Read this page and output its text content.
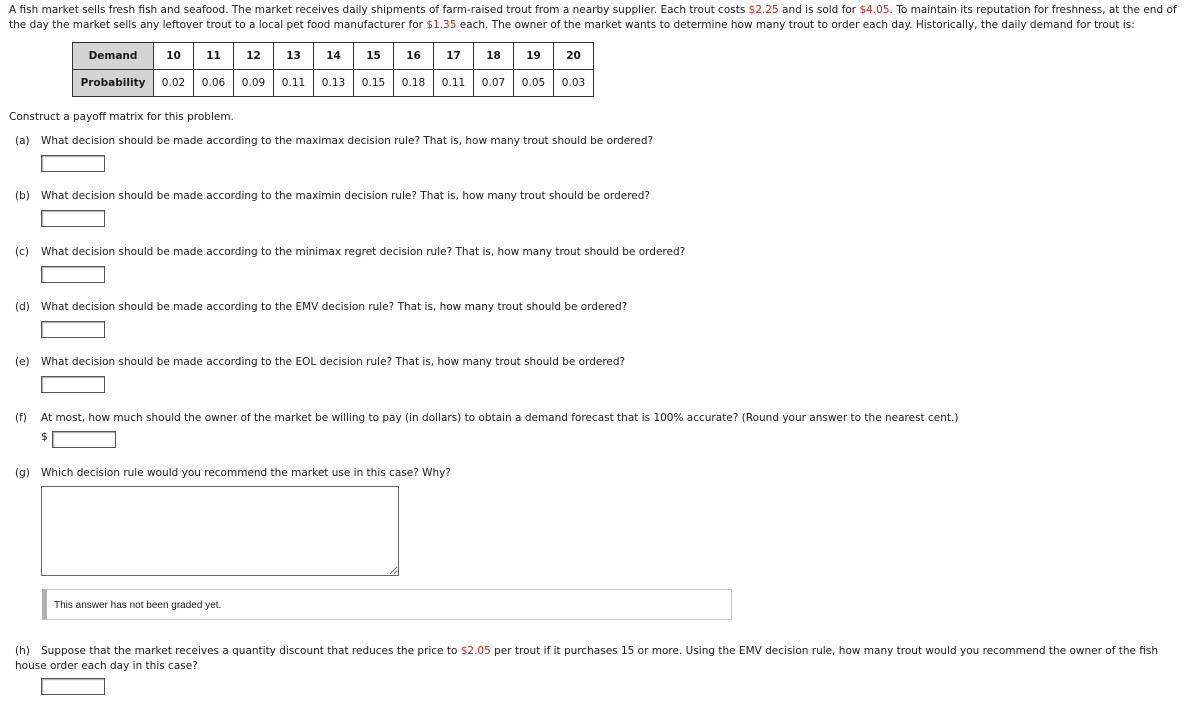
A fish market sells fresh fish and seafood. The market receives daily shipments of farm-raised trout from a nearby supplier. Each trout costs $2.25 and is sold for $4.05. To maintain its reputation for freshness, at the end of the day the market sells any leftover trout to a local pet food manufacturer for $1.35 each. The owner of the market wants to determine how many trout to order each day. Historically, the daily demand for trout is:
Demand	10	11	12	13	14	15	16	17	18	19	20
Probability	0.02	0.06	0.09	0.11	0.13	0.15	0.18	0.11	0.07	0.05	0.03
Construct a payoff matrix for this problem.
(a) What decision should be made according to the maximax decision rule? That is, how many trout should be ordered?
(b) What decision should be made according to the maximin decision rule? That is, how many trout should be ordered?
(c) What decision should be made according to the minimax regret decision rule? That is, how many trout should be ordered?
(d) What decision should be made according to the EMV decision rule? That is, how many trout should be ordered?
(e) What decision should be made according to the EOL decision rule? That is, how many trout should be ordered?
(f) At most, how much should the owner of the market be willing to pay (in dollars) to obtain a demand forecast that is 100% accurate? (Round your answer to the nearest cent.)
$
(g) Which decision rule would you recommend the market use in this case? Why?
This answer has not been graded yet.
(h) Suppose that the market receives a quantity discount that reduces the price to $2.05 per trout if it purchases 15 or more. Using the EMV decision rule, how many trout would you recommend the owner of the fish house order each day in this case?
